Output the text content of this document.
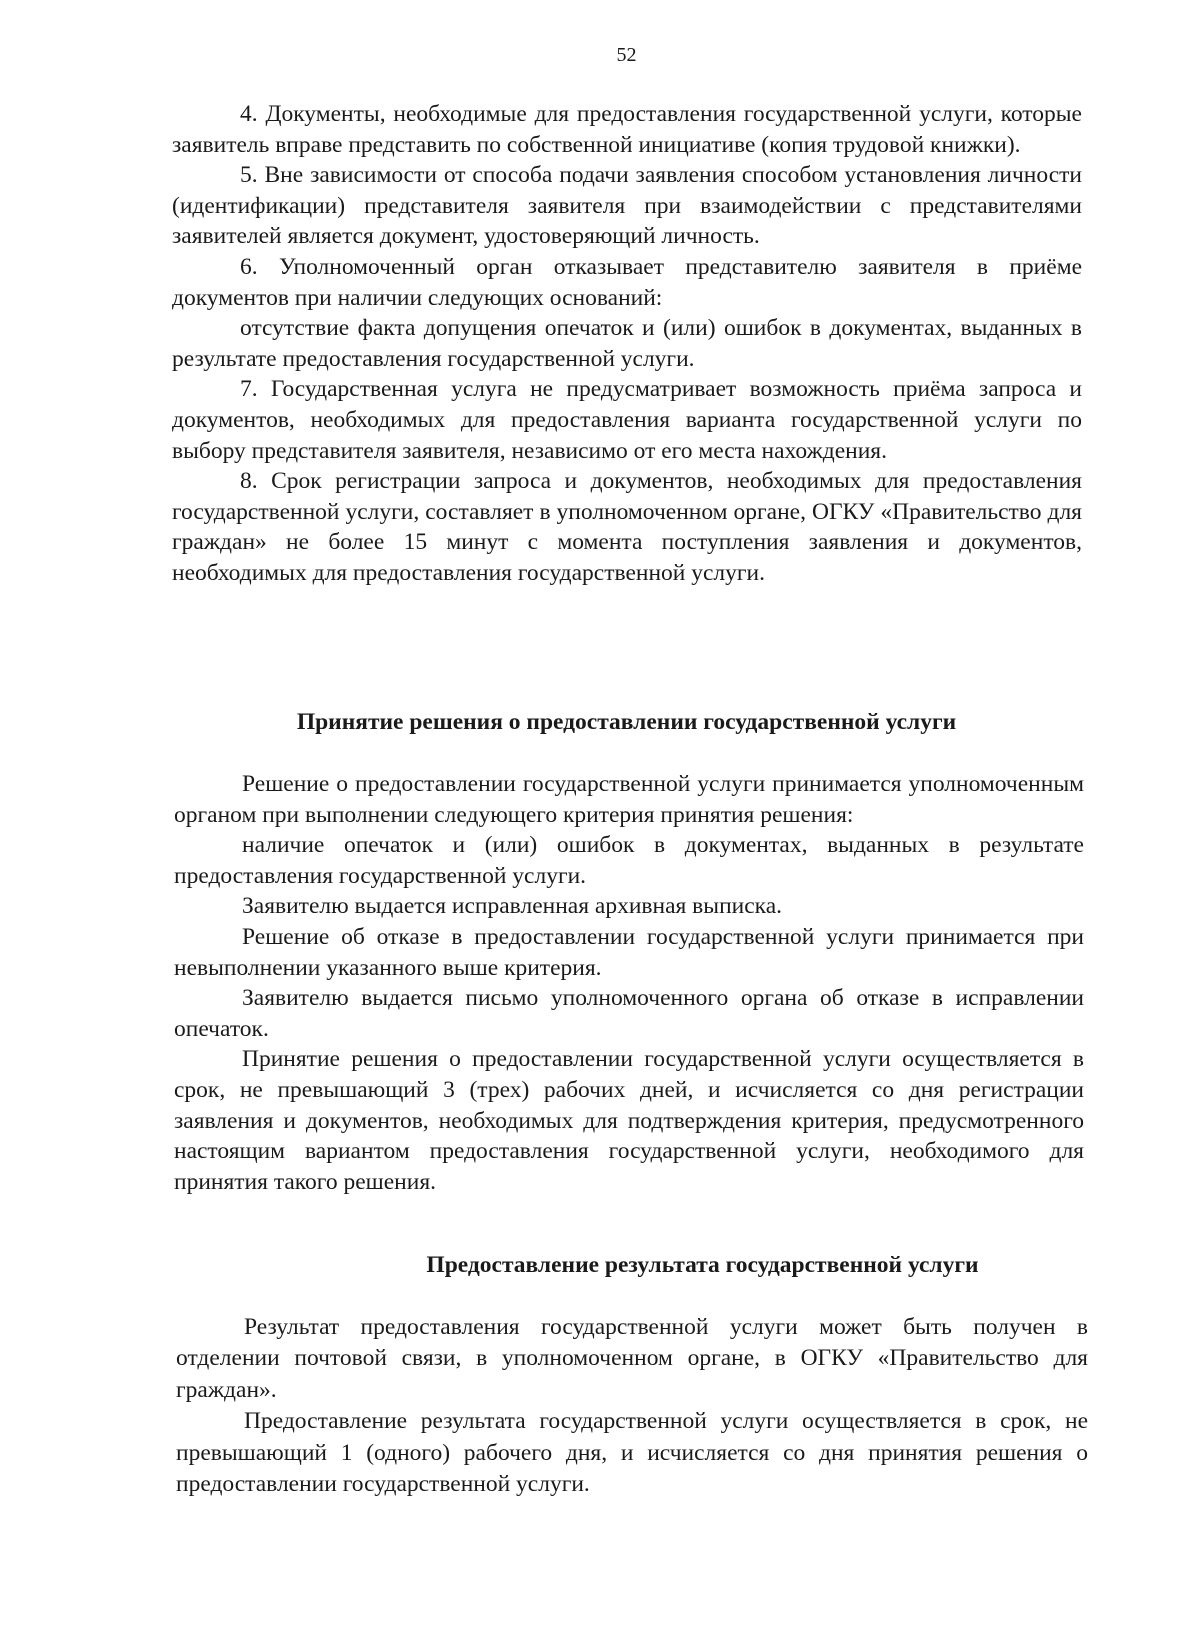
52

4. Документы, необходимые для предоставления государственной услуги, которые заявитель вправе представить по собственной инициативе (копия трудовой книжки).

5. Вне зависимости от способа подачи заявления способом установления личности (идентификации) представителя заявителя при взаимодействии с представителями заявителей является документ, удостоверяющий личность.

6. Уполномоченный орган отказывает представителю заявителя в приёме документов при наличии следующих оснований:

отсутствие факта допущения опечаток и (или) ошибок в документах, выданных в результате предоставления государственной услуги.

7. Государственная услуга не предусматривает возможность приёма запроса и документов, необходимых для предоставления варианта государственной услуги по выбору представителя заявителя, независимо от его места нахождения.

8. Срок регистрации запроса и документов, необходимых для предоставления государственной услуги, составляет в уполномоченном органе, ОГКУ «Правительство для граждан» не более 15 минут с момента поступления заявления и документов, необходимых для предоставления государственной услуги.

Принятие решения о предоставлении государственной услуги

Решение о предоставлении государственной услуги принимается уполномоченным органом при выполнении следующего критерия принятия решения:

наличие опечаток и (или) ошибок в документах, выданных в результате предоставления государственной услуги.

Заявителю выдается исправленная архивная выписка.

Решение об отказе в предоставлении государственной услуги принимается при невыполнении указанного выше критерия.

Заявителю выдается письмо уполномоченного органа об отказе в исправлении опечаток.

Принятие решения о предоставлении государственной услуги осуществляется в срок, не превышающий 3 (трех) рабочих дней, и исчисляется со дня регистрации заявления и документов, необходимых для подтверждения критерия, предусмотренного настоящим вариантом предоставления государственной услуги, необходимого для принятия такого решения.

Предоставление результата государственной услуги

Результат предоставления государственной услуги может быть получен в отделении почтовой связи, в уполномоченном органе, в ОГКУ «Правительство для граждан».

Предоставление результата государственной услуги осуществляется в срок, не превышающий 1 (одного) рабочего дня, и исчисляется со дня принятия решения о предоставлении государственной услуги.
